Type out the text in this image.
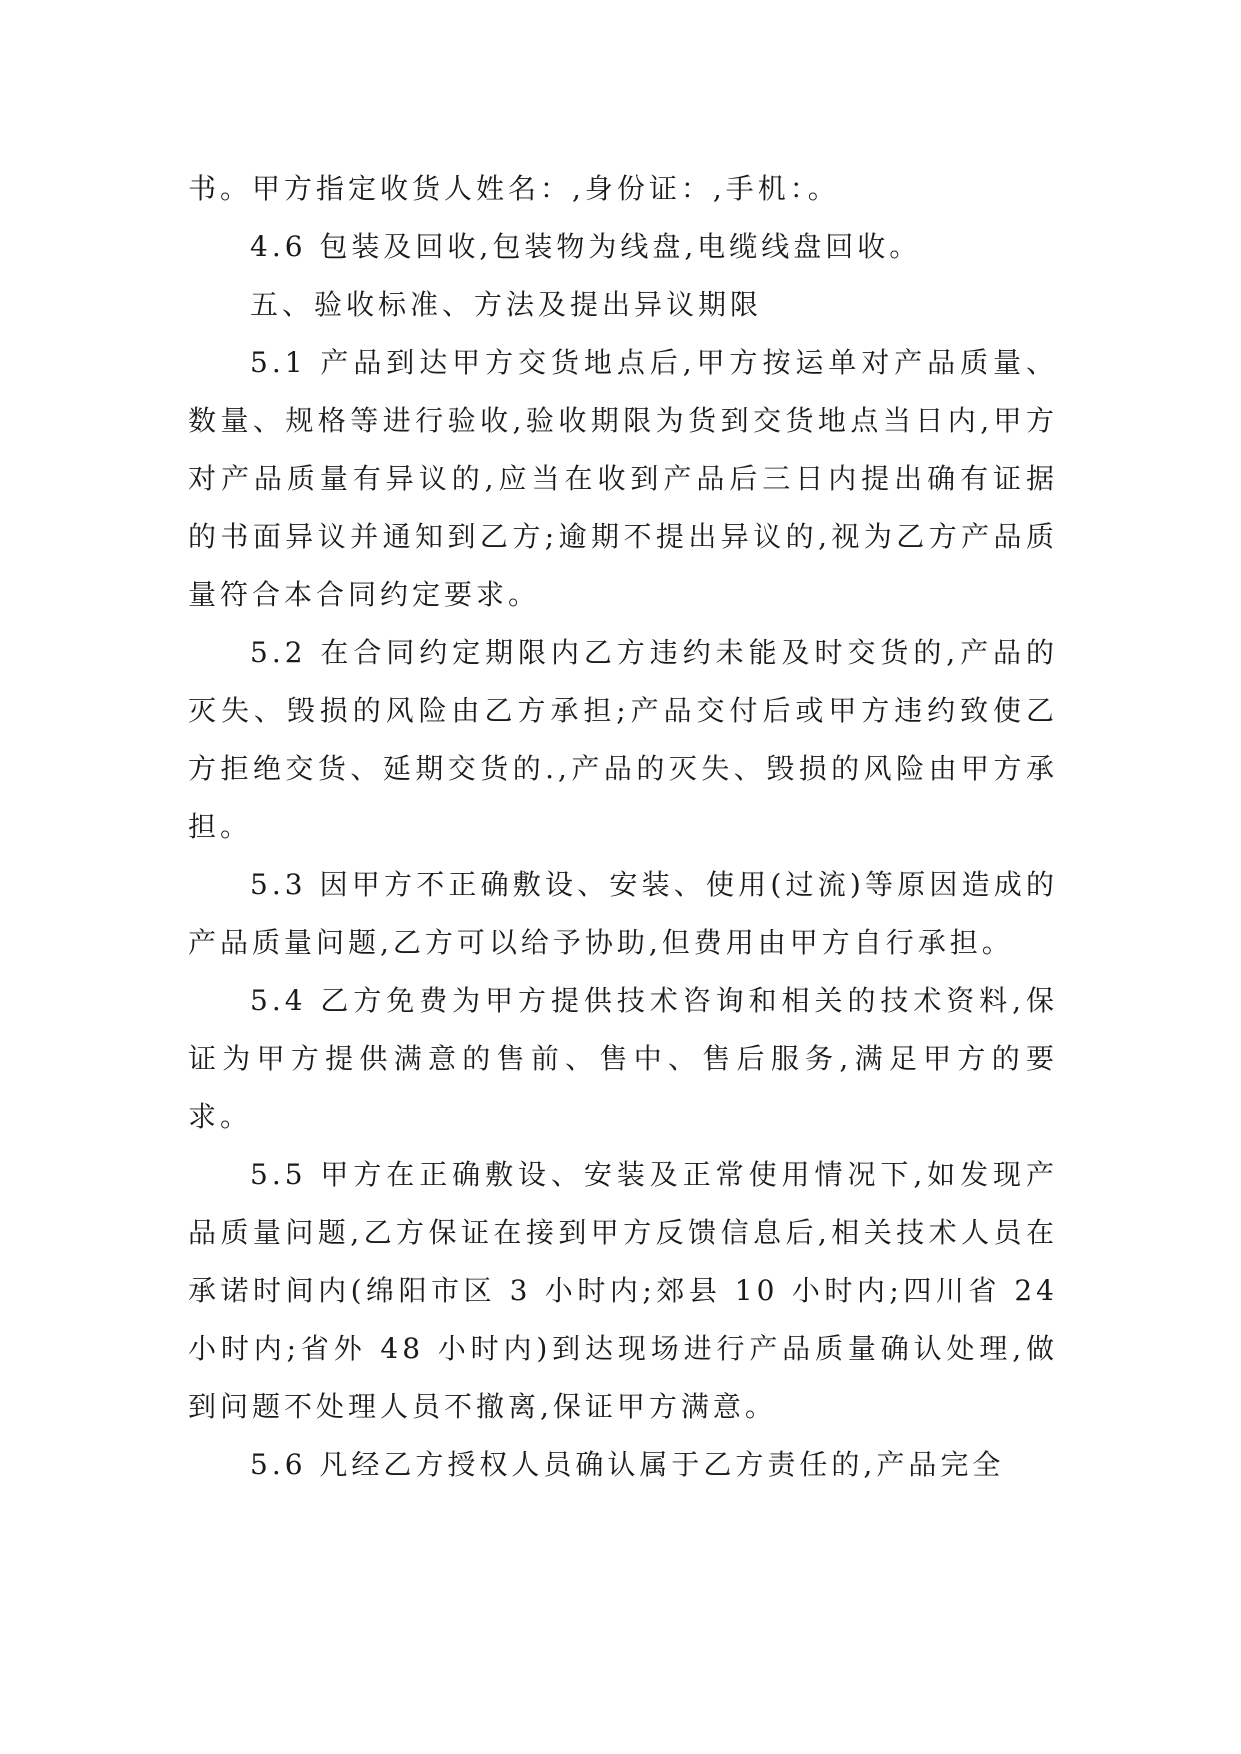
书。甲方指定收货人姓名：,身份证：,手机：。

4.6 包装及回收,包装物为线盘,电缆线盘回收。

五、验收标准、方法及提出异议期限

5.1 产品到达甲方交货地点后,甲方按运单对产品质量、数量、规格等进行验收,验收期限为货到交货地点当日内,甲方对产品质量有异议的,应当在收到产品后三日内提出确有证据的书面异议并通知到乙方;逾期不提出异议的,视为乙方产品质量符合本合同约定要求。

5.2 在合同约定期限内乙方违约未能及时交货的,产品的灭失、毁损的风险由乙方承担;产品交付后或甲方违约致使乙方拒绝交货、延期交货的.,产品的灭失、毁损的风险由甲方承担。

5.3 因甲方不正确敷设、安装、使用(过流)等原因造成的产品质量问题,乙方可以给予协助,但费用由甲方自行承担。

5.4 乙方免费为甲方提供技术咨询和相关的技术资料,保证为甲方提供满意的售前、售中、售后服务,满足甲方的要求。

5.5 甲方在正确敷设、安装及正常使用情况下,如发现产品质量问题,乙方保证在接到甲方反馈信息后,相关技术人员在承诺时间内(绵阳市区 3 小时内;郊县 10 小时内;四川省 24 小时内;省外 48 小时内)到达现场进行产品质量确认处理,做到问题不处理人员不撤离,保证甲方满意。

5.6 凡经乙方授权人员确认属于乙方责任的,产品完全
